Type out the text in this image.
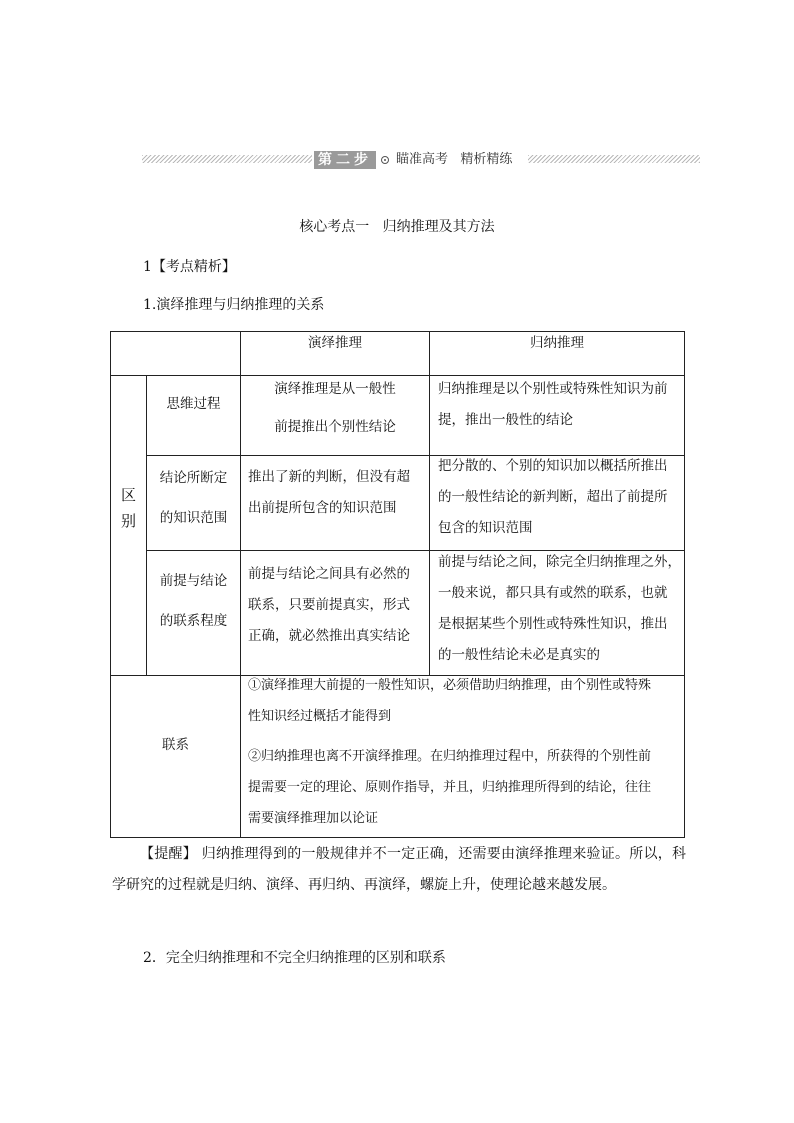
第二步	瞄准高考   精析精练
核心考点一   归纳推理及其方法
1【考点精析】
1.演绎推理与归纳推理的关系
演绎推理	归纳推理
区
别
思维过程
演绎推理是从一般性
前提推出个别性结论
归纳推理是以个别性或特殊性知识为前
提，推出一般性的结论
结论所断定
的知识范围
推出了新的判断，但没有超
出前提所包含的知识范围
把分散的、个别的知识加以概括所推出
的一般性结论的新判断，超出了前提所
包含的知识范围
前提与结论
的联系程度
前提与结论之间具有必然的
联系，只要前提真实，形式
正确，就必然推出真实结论
前提与结论之间，除完全归纳推理之外，
一般来说，都只具有或然的联系，也就
是根据某些个别性或特殊性知识，推出
的一般性结论未必是真实的
联系
①演绎推理大前提的一般性知识，必须借助归纳推理，由个别性或特殊
性知识经过概括才能得到
②归纳推理也离不开演绎推理。在归纳推理过程中，所获得的个别性前
提需要一定的理论、原则作指导，并且，归纳推理所得到的结论，往往
需要演绎推理加以论证
【提醒】 归纳推理得到的一般规律并不一定正确，还需要由演绎推理来验证。所以，科学研究的过程就是归纳、演绎、再归纳、再演绎，螺旋上升，使理论越来越发展。
2．完全归纳推理和不完全归纳推理的区别和联系
